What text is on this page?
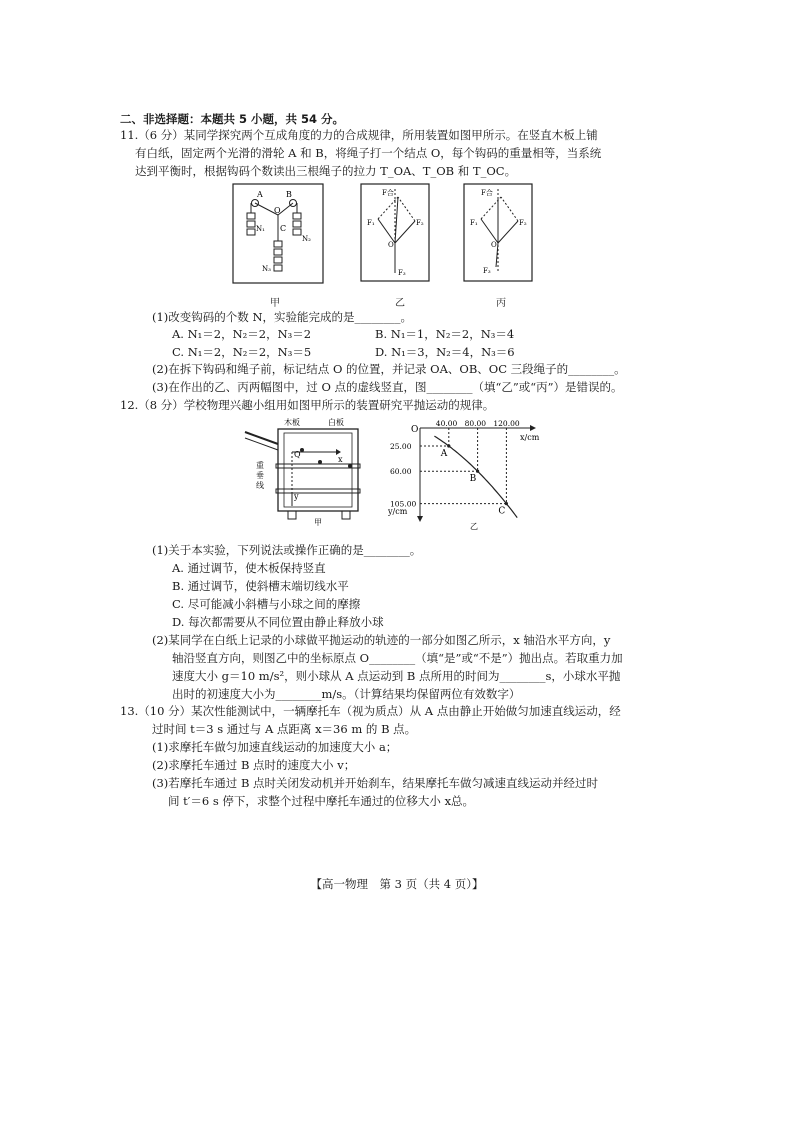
二、非选择题：本题共 5 小题，共 54 分。
11.（6 分）某同学探究两个互成角度的力的合成规律，所用装置如图甲所示。在竖直木板上铺
有白纸，固定两个光滑的滑轮 A 和 B，将绳子打一个结点 O，每个钩码的重量相等，当系统
达到平衡时，根据钩码个数读出三根绳子的拉力 T_OA、T_OB 和 T_OC。
A	B
O
C
N₁
N₂
N₃
甲
F合
F₁	F₂
O
F₃
乙
F合
F₁	F₂
O
F₃
丙
(1)改变钩码的个数 N，实验能完成的是________。
A. N₁＝2，N₂＝2，N₃＝2	B. N₁＝1，N₂＝2，N₃＝4
C. N₁＝2，N₂＝2，N₃＝5	D. N₁＝3，N₂＝4，N₃＝6
(2)在拆下钩码和绳子前，标记结点 O 的位置，并记录 OA、OB、OC 三段绳子的________。
(3)在作出的乙、丙两幅图中，过 O 点的虚线竖直，图________（填“乙”或“丙”）是错误的。
12.（8 分）学校物理兴趣小组用如图甲所示的装置研究平抛运动的规律。
木板	白板
Q
x
y
重
垂
线
甲
O
x/cm
y/cm
乙
A
40.00
25.00
B
80.00
60.00
C
120.00
105.00
(1)关于本实验，下列说法或操作正确的是________。
A. 通过调节，使木板保持竖直
B. 通过调节，使斜槽末端切线水平
C. 尽可能减小斜槽与小球之间的摩擦
D. 每次都需要从不同位置由静止释放小球
(2)某同学在白纸上记录的小球做平抛运动的轨迹的一部分如图乙所示，x 轴沿水平方向，y
轴沿竖直方向，则图乙中的坐标原点 O________（填“是”或“不是”）抛出点。若取重力加
速度大小 g＝10 m/s²，则小球从 A 点运动到 B 点所用的时间为________s，小球水平抛
出时的初速度大小为________m/s。（计算结果均保留两位有效数字）
13.（10 分）某次性能测试中，一辆摩托车（视为质点）从 A 点由静止开始做匀加速直线运动，经
过时间 t＝3 s 通过与 A 点距离 x＝36 m 的 B 点。
(1)求摩托车做匀加速直线运动的加速度大小 a；
(2)求摩托车通过 B 点时的速度大小 v；
(3)若摩托车通过 B 点时关闭发动机并开始刹车，结果摩托车做匀减速直线运动并经过时
间 t′＝6 s 停下，求整个过程中摩托车通过的位移大小 x总。
【高一物理　第 3 页（共 4 页）】
